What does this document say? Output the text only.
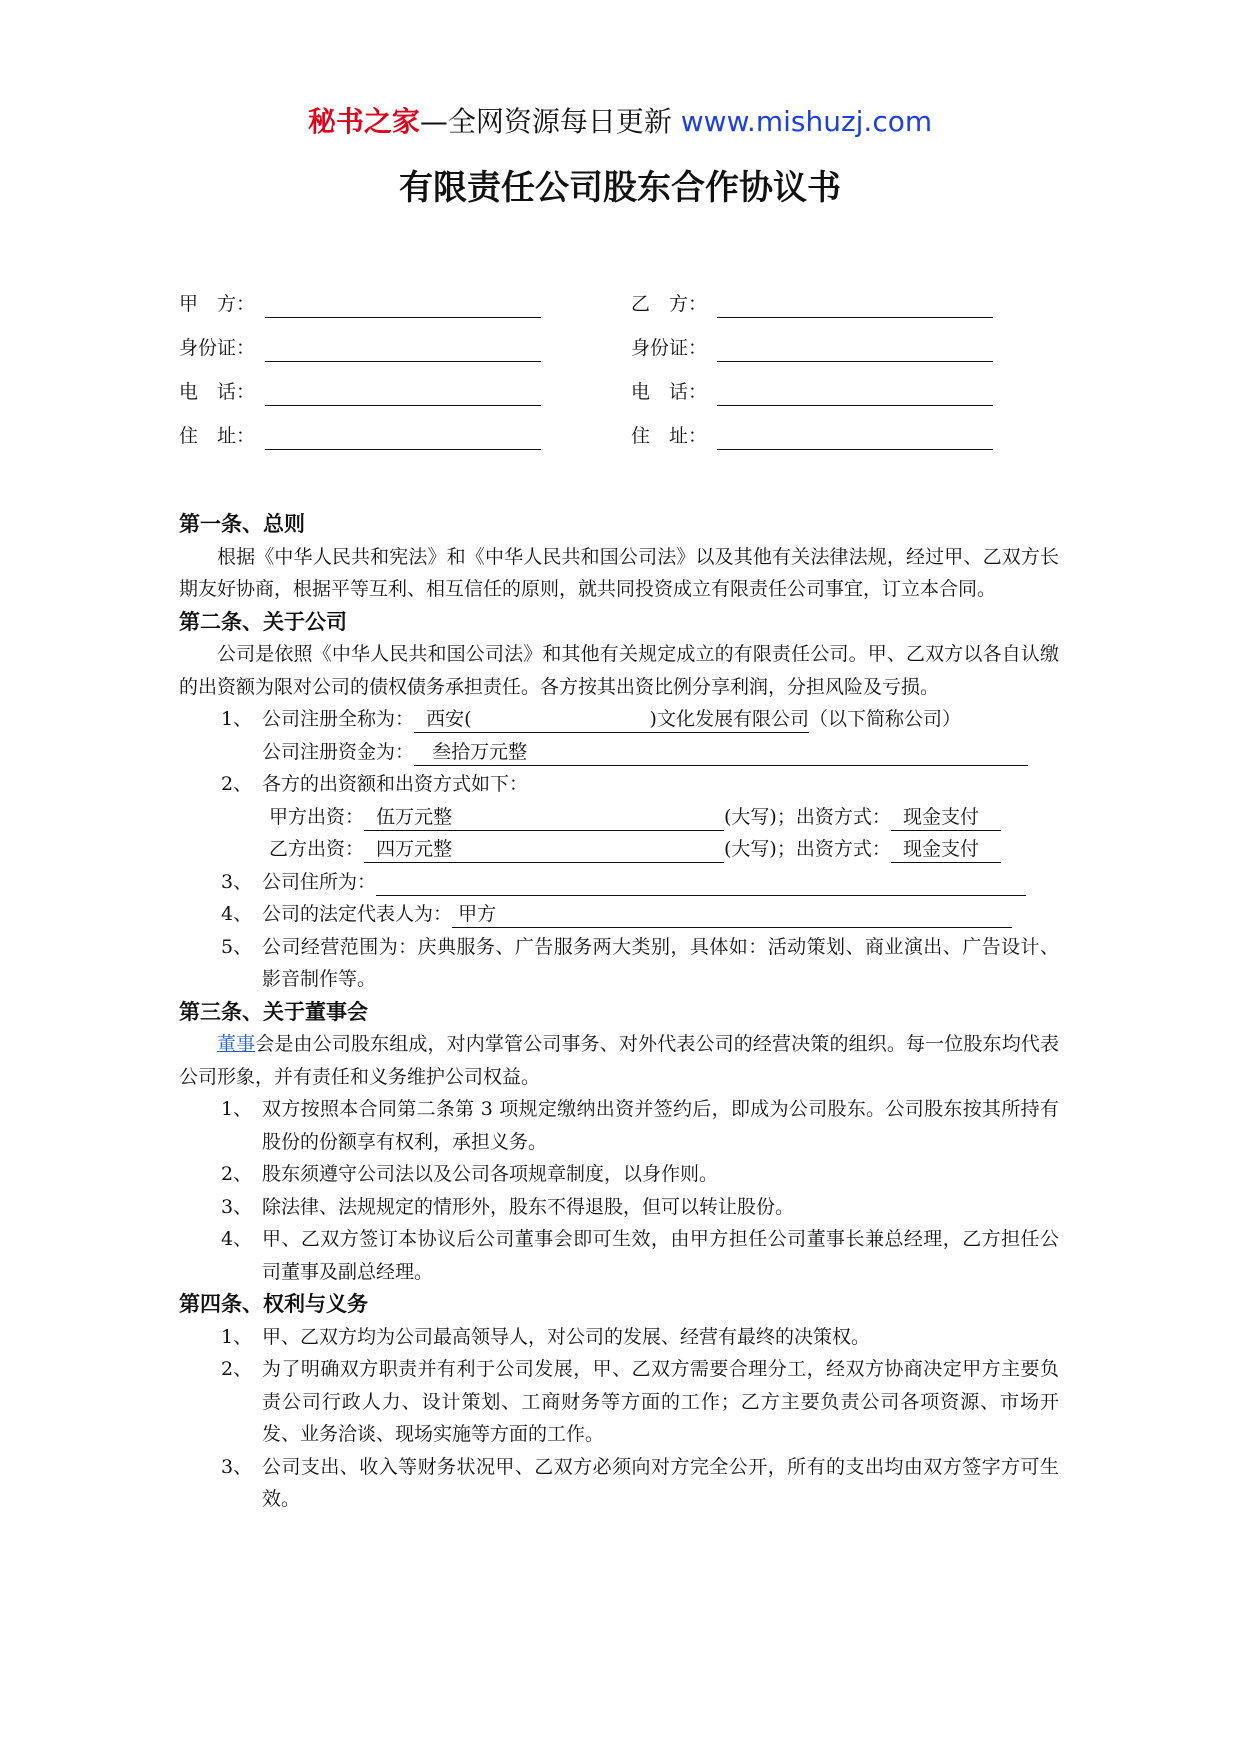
秘书之家—全网资源每日更新 www.mishuzj.com
有限责任公司股东合作协议书
甲　方：
身份证：
电　话：
住　址：
乙　方：
身份证：
电　话：
住　址：
第一条、总则
根据《中华人民共和宪法》和《中华人民共和国公司法》以及其他有关法律法规，经过甲、乙双方长期友好协商，根据平等互利、相互信任的原则，就共同投资成立有限责任公司事宜，订立本合同。
第二条、关于公司
公司是依照《中华人民共和国公司法》和其他有关规定成立的有限责任公司。甲、乙双方以各自认缴的出资额为限对公司的债权债务承担责任。各方按其出资比例分享利润，分担风险及亏损。
1、 公司注册全称为： 西安(	)文化发展有限公司（以下简称公司）
公司注册资金为： 叁拾万元整
2、 各方的出资额和出资方式如下：
甲方出资： 伍万元整	(大写)；出资方式： 现金支付
乙方出资： 四万元整	(大写)；出资方式： 现金支付
3、 公司住所为：
4、 公司的法定代表人为： 甲方
5、 公司经营范围为：庆典服务、广告服务两大类别，具体如：活动策划、商业演出、广告设计、影音制作等。
第三条、关于董事会
董事会是由公司股东组成，对内掌管公司事务、对外代表公司的经营决策的组织。每一位股东均代表公司形象，并有责任和义务维护公司权益。
1、 双方按照本合同第二条第 3 项规定缴纳出资并签约后，即成为公司股东。公司股东按其所持有股份的份额享有权利，承担义务。
2、 股东须遵守公司法以及公司各项规章制度，以身作则。
3、 除法律、法规规定的情形外，股东不得退股，但可以转让股份。
4、 甲、乙双方签订本协议后公司董事会即可生效，由甲方担任公司董事长兼总经理，乙方担任公司董事及副总经理。
第四条、权利与义务
1、 甲、乙双方均为公司最高领导人，对公司的发展、经营有最终的决策权。
2、 为了明确双方职责并有利于公司发展，甲、乙双方需要合理分工，经双方协商决定甲方主要负责公司行政人力、设计策划、工商财务等方面的工作；乙方主要负责公司各项资源、市场开发、业务洽谈、现场实施等方面的工作。
3、 公司支出、收入等财务状况甲、乙双方必须向对方完全公开，所有的支出均由双方签字方可生效。
